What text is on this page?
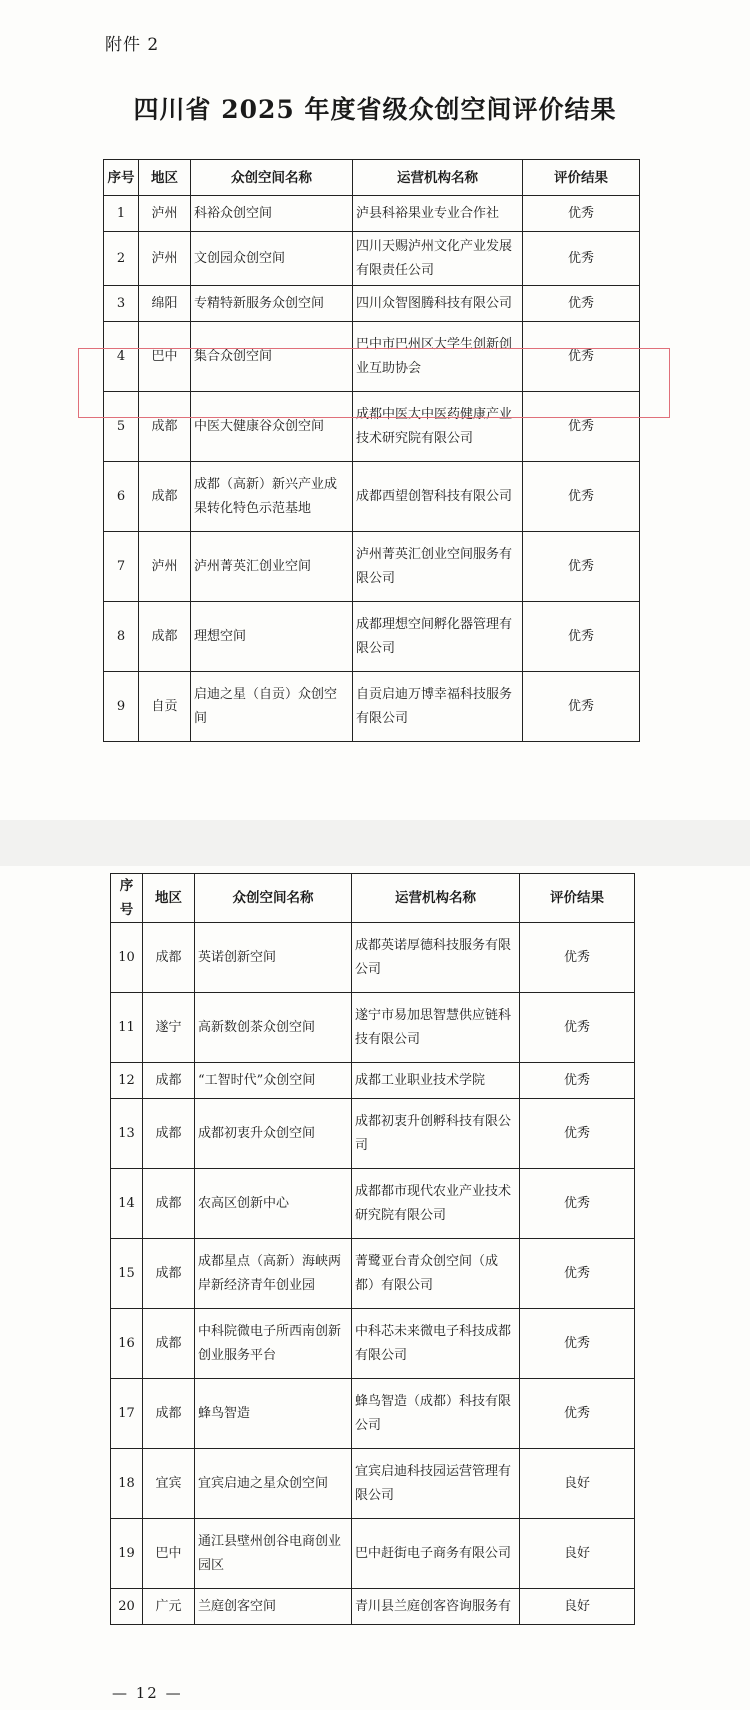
附件 2
四川省 2025 年度省级众创空间评价结果
序号	地区	众创空间名称	运营机构名称	评价结果
1	泸州	科裕众创空间	泸县科裕果业专业合作社	优秀
2	泸州	文创园众创空间	四川天赐泸州文化产业发展有限责任公司	优秀
3	绵阳	专精特新服务众创空间	四川众智图腾科技有限公司	优秀
4	巴中	集合众创空间	巴中市巴州区大学生创新创业互助协会	优秀
5	成都	中医大健康谷众创空间	成都中医大中医药健康产业技术研究院有限公司	优秀
6	成都	成都（高新）新兴产业成果转化特色示范基地	成都西望创智科技有限公司	优秀
7	泸州	泸州菁英汇创业空间	泸州菁英汇创业空间服务有限公司	优秀
8	成都	理想空间	成都理想空间孵化器管理有限公司	优秀
9	自贡	启迪之星（自贡）众创空间	自贡启迪万博幸福科技服务有限公司	优秀
序号	地区	众创空间名称	运营机构名称	评价结果
10	成都	英诺创新空间	成都英诺厚德科技服务有限公司	优秀
11	遂宁	高新数创茶众创空间	遂宁市易加思智慧供应链科技有限公司	优秀
12	成都	“工智时代”众创空间	成都工业职业技术学院	优秀
13	成都	成都初衷升众创空间	成都初衷升创孵科技有限公司	优秀
14	成都	农高区创新中心	成都都市现代农业产业技术研究院有限公司	优秀
15	成都	成都星点（高新）海峡两岸新经济青年创业园	菁鹭亚台青众创空间（成都）有限公司	优秀
16	成都	中科院微电子所西南创新创业服务平台	中科芯未来微电子科技成都有限公司	优秀
17	成都	蜂鸟智造	蜂鸟智造（成都）科技有限公司	优秀
18	宜宾	宜宾启迪之星众创空间	宜宾启迪科技园运营管理有限公司	良好
19	巴中	通江县壁州创谷电商创业园区	巴中赶街电子商务有限公司	良好
20	广元	兰庭创客空间	青川县兰庭创客咨询服务有	良好
— 12 —
